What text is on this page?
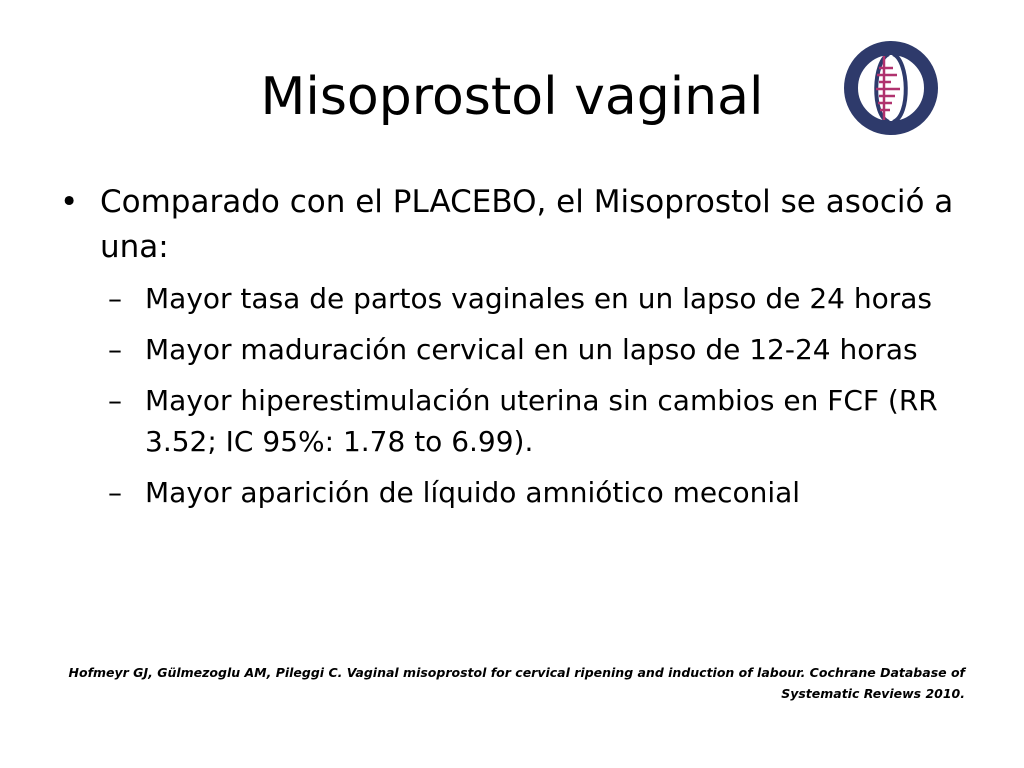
Misoprostol vaginal
• Comparado con el PLACEBO, el Misoprostol se asoció a una:
– Mayor tasa de partos vaginales en un lapso de 24 horas
– Mayor maduración cervical en un lapso de 12-24 horas
– Mayor hiperestimulación uterina sin cambios en FCF (RR 3.52; IC 95%: 1.78 to 6.99).
– Mayor aparición de líquido amniótico meconial
Hofmeyr GJ, Gülmezoglu AM, Pileggi C. Vaginal misoprostol for cervical ripening and induction of labour. Cochrane Database of Systematic Reviews 2010.
